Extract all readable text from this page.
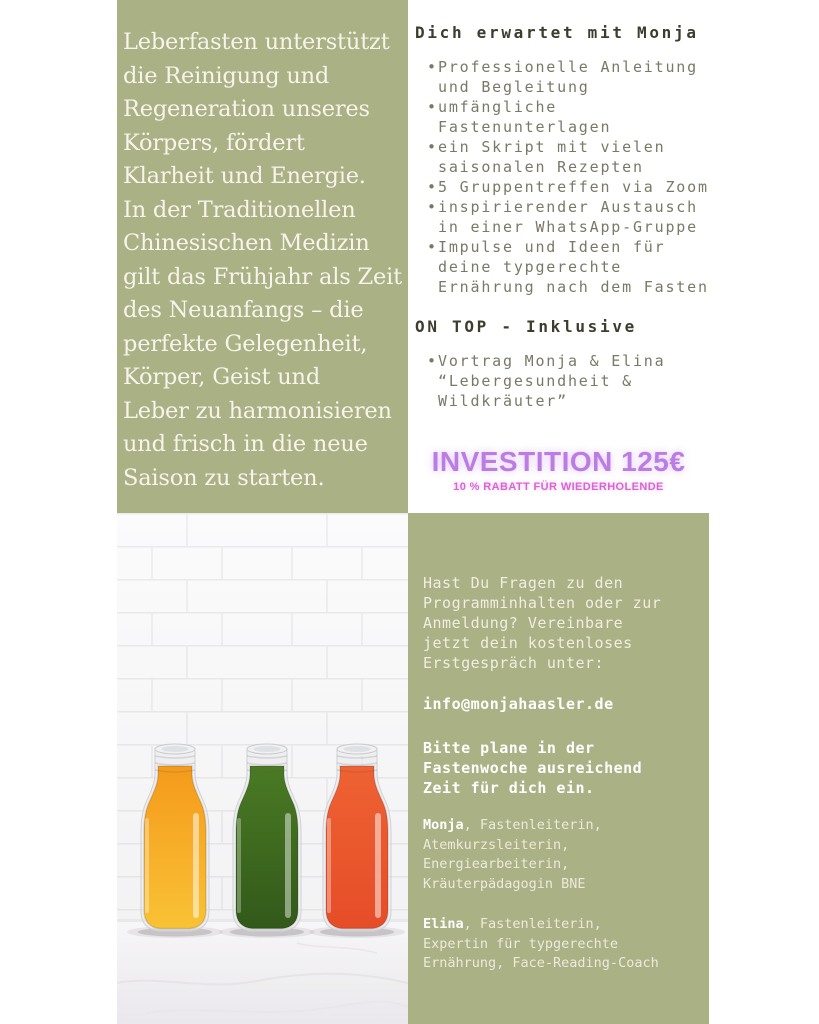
Leberfasten unterstützt
die Reinigung und
Regeneration unseres
Körpers, fördert
Klarheit und Energie.
In der Traditionellen
Chinesischen Medizin
gilt das Frühjahr als Zeit
des Neuanfangs – die
perfekte Gelegenheit,
Körper, Geist und
Leber zu harmonisieren
und frisch in die neue
Saison zu starten.
Dich erwartet mit Monja
• Professionelle Anleitung und Begleitung
• umfängliche Fastenunterlagen
• ein Skript mit vielen saisonalen Rezepten
• 5 Gruppentreffen via Zoom
• inspirierender Austausch in einer WhatsApp-Gruppe
• Impulse und Ideen für deine typgerechte Ernährung nach dem Fasten
ON TOP - Inklusive
• Vortrag Monja & Elina “Lebergesundheit & Wildkräuter”
INVESTITION 125€
10 % RABATT FÜR WIEDERHOLENDE

Hast Du Fragen zu den Programminhalten oder zur Anmeldung? Vereinbare jetzt dein kostenloses Erstgespräch unter:

info@monjahaasler.de

Bitte plane in der Fastenwoche ausreichend Zeit für dich ein.

Monja, Fastenleiterin, Atemkurzsleiterin, Energiearbeiterin, Kräuterpädagogin BNE

Elina, Fastenleiterin, Expertin für typgerechte Ernährung, Face-Reading-Coach
